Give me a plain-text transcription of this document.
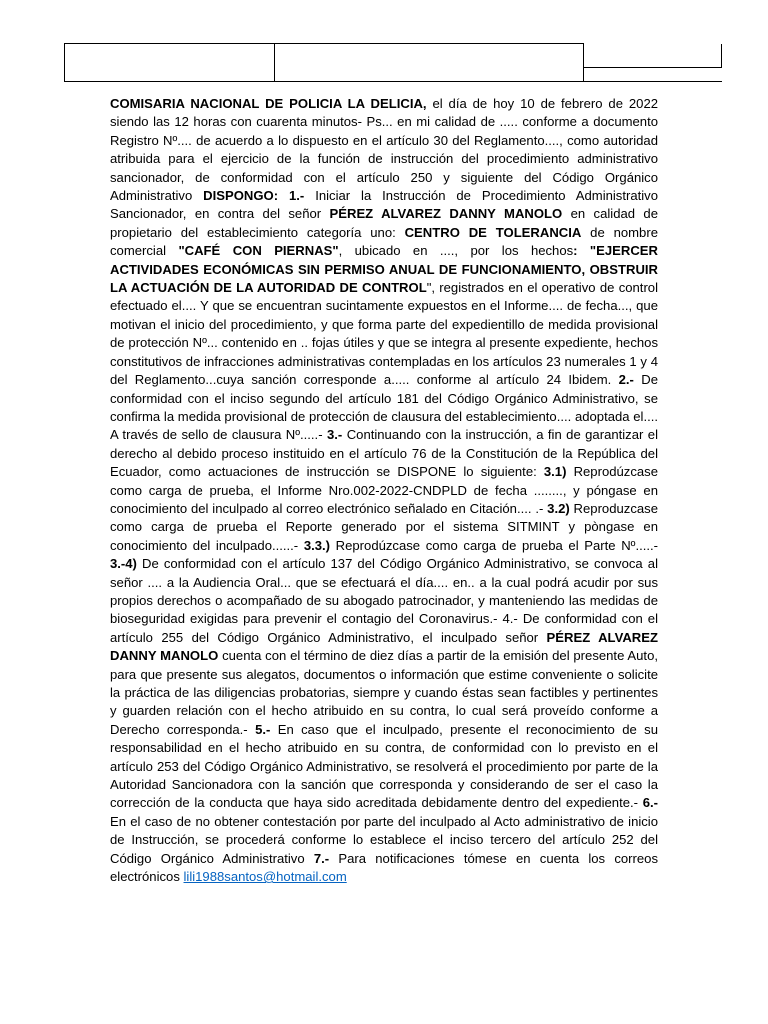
COMISARIA NACIONAL DE POLICIA LA DELICIA, el día de hoy 10 de febrero de 2022 siendo las 12 horas con cuarenta minutos- Ps... en mi calidad de ..... conforme a documento Registro Nº.... de acuerdo a lo dispuesto en el artículo 30 del Reglamento...., como autoridad atribuida para el ejercicio de la función de instrucción del procedimiento administrativo sancionador, de conformidad con el artículo 250 y siguiente del Código Orgánico Administrativo DISPONGO: 1.- Iniciar la Instrucción de Procedimiento Administrativo Sancionador, en contra del señor PÉREZ ALVAREZ DANNY MANOLO en calidad de propietario del establecimiento categoría uno: CENTRO DE TOLERANCIA de nombre comercial "CAFÉ CON PIERNAS", ubicado en ...., por los hechos: "EJERCER ACTIVIDADES ECONÓMICAS SIN PERMISO ANUAL DE FUNCIONAMIENTO, OBSTRUIR LA ACTUACIÓN DE LA AUTORIDAD DE CONTROL", registrados en el operativo de control efectuado el.... Y que se encuentran sucintamente expuestos en el Informe.... de fecha..., que motivan el inicio del procedimiento, y que forma parte del expedientillo de medida provisional de protección Nº... contenido en .. fojas útiles y que se integra al presente expediente, hechos constitutivos de infracciones administrativas contempladas en los artículos 23 numerales 1 y 4 del Reglamento...cuya sanción corresponde a..... conforme al artículo 24 Ibidem. 2.- De conformidad con el inciso segundo del artículo 181 del Código Orgánico Administrativo, se confirma la medida provisional de protección de clausura del establecimiento.... adoptada el.... A través de sello de clausura Nº.....- 3.- Continuando con la instrucción, a fin de garantizar el derecho al debido proceso instituido en el artículo 76 de la Constitución de la República del Ecuador, como actuaciones de instrucción se DISPONE lo siguiente: 3.1) Reprodúzcase como carga de prueba, el Informe Nro.002-2022-CNDPLD de fecha ........, y póngase en conocimiento del inculpado al correo electrónico señalado en Citación.... .- 3.2) Reproduzcase como carga de prueba el Reporte generado por el sistema SITMINT y pòngase en conocimiento del inculpado......- 3.3.) Reprodúzcase como carga de prueba el Parte Nº.....- 3.-4) De conformidad con el artículo 137 del Código Orgánico Administrativo, se convoca al señor .... a la Audiencia Oral... que se efectuará el día.... en.. a la cual podrá acudir por sus propios derechos o acompañado de su abogado patrocinador, y manteniendo las medidas de bioseguridad exigidas para prevenir el contagio del Coronavirus.- 4.- De conformidad con el artículo 255 del Código Orgánico Administrativo, el inculpado señor PÉREZ ALVAREZ DANNY MANOLO cuenta con el término de diez días a partir de la emisión del presente Auto, para que presente sus alegatos, documentos o información que estime conveniente o solicite la práctica de las diligencias probatorias, siempre y cuando éstas sean factibles y pertinentes y guarden relación con el hecho atribuido en su contra, lo cual será proveído conforme a Derecho corresponda.- 5.- En caso que el inculpado, presente el reconocimiento de su responsabilidad en el hecho atribuido en su contra, de conformidad con lo previsto en el artículo 253 del Código Orgánico Administrativo, se resolverá el procedimiento por parte de la Autoridad Sancionadora con la sanción que corresponda y considerando de ser el caso la corrección de la conducta que haya sido acreditada debidamente dentro del expediente.- 6.- En el caso de no obtener contestación por parte del inculpado al Acto administrativo de inicio de Instrucción, se procederá conforme lo establece el inciso tercero del artículo 252 del Código Orgánico Administrativo 7.- Para notificaciones tómese en cuenta los correos electrónicos lili1988santos@hotmail.com
